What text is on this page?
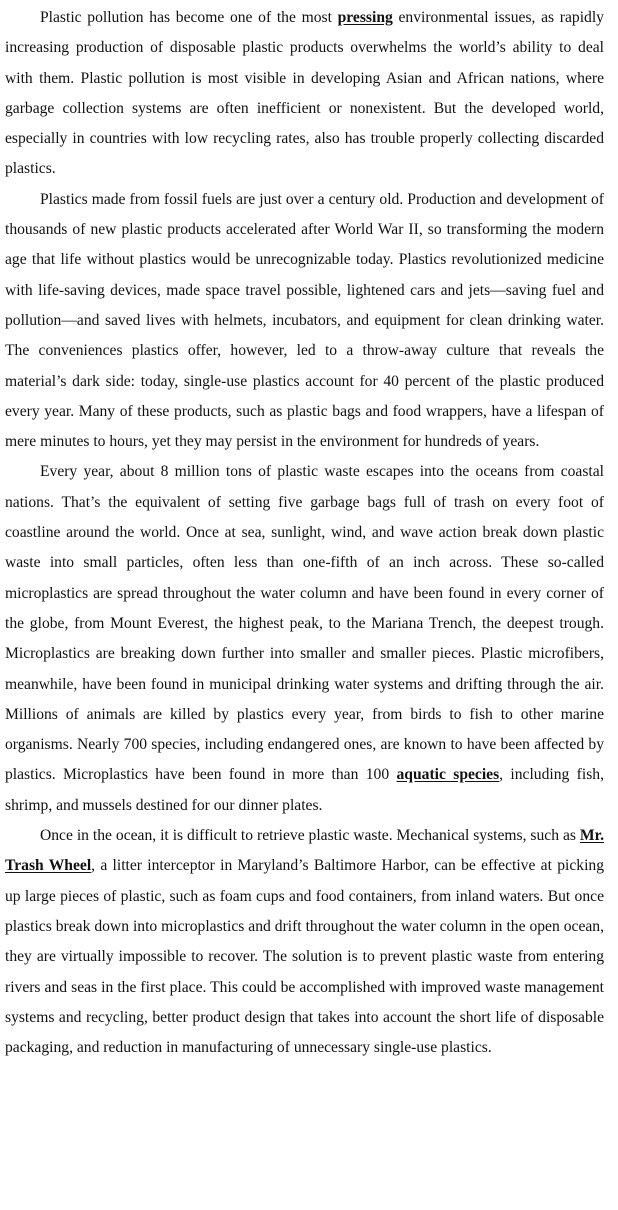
Plastic pollution has become one of the most pressing environmental issues, as rapidly increasing production of disposable plastic products overwhelms the world’s ability to deal with them. Plastic pollution is most visible in developing Asian and African nations, where garbage collection systems are often inefficient or nonexistent. But the developed world, especially in countries with low recycling rates, also has trouble properly collecting discarded plastics.

Plastics made from fossil fuels are just over a century old. Production and development of thousands of new plastic products accelerated after World War II, so transforming the modern age that life without plastics would be unrecognizable today. Plastics revolutionized medicine with life-saving devices, made space travel possible, lightened cars and jets—saving fuel and pollution—and saved lives with helmets, incubators, and equipment for clean drinking water. The conveniences plastics offer, however, led to a throw-away culture that reveals the material’s dark side: today, single-use plastics account for 40 percent of the plastic produced every year. Many of these products, such as plastic bags and food wrappers, have a lifespan of mere minutes to hours, yet they may persist in the environment for hundreds of years.

Every year, about 8 million tons of plastic waste escapes into the oceans from coastal nations. That’s the equivalent of setting five garbage bags full of trash on every foot of coastline around the world. Once at sea, sunlight, wind, and wave action break down plastic waste into small particles, often less than one-fifth of an inch across. These so-called microplastics are spread throughout the water column and have been found in every corner of the globe, from Mount Everest, the highest peak, to the Mariana Trench, the deepest trough. Microplastics are breaking down further into smaller and smaller pieces. Plastic microfibers, meanwhile, have been found in municipal drinking water systems and drifting through the air. Millions of animals are killed by plastics every year, from birds to fish to other marine organisms. Nearly 700 species, including endangered ones, are known to have been affected by plastics. Microplastics have been found in more than 100 aquatic species, including fish, shrimp, and mussels destined for our dinner plates.

Once in the ocean, it is difficult to retrieve plastic waste. Mechanical systems, such as Mr. Trash Wheel, a litter interceptor in Maryland’s Baltimore Harbor, can be effective at picking up large pieces of plastic, such as foam cups and food containers, from inland waters. But once plastics break down into microplastics and drift throughout the water column in the open ocean, they are virtually impossible to recover. The solution is to prevent plastic waste from entering rivers and seas in the first place. This could be accomplished with improved waste management systems and recycling, better product design that takes into account the short life of disposable packaging, and reduction in manufacturing of unnecessary single-use plastics.
